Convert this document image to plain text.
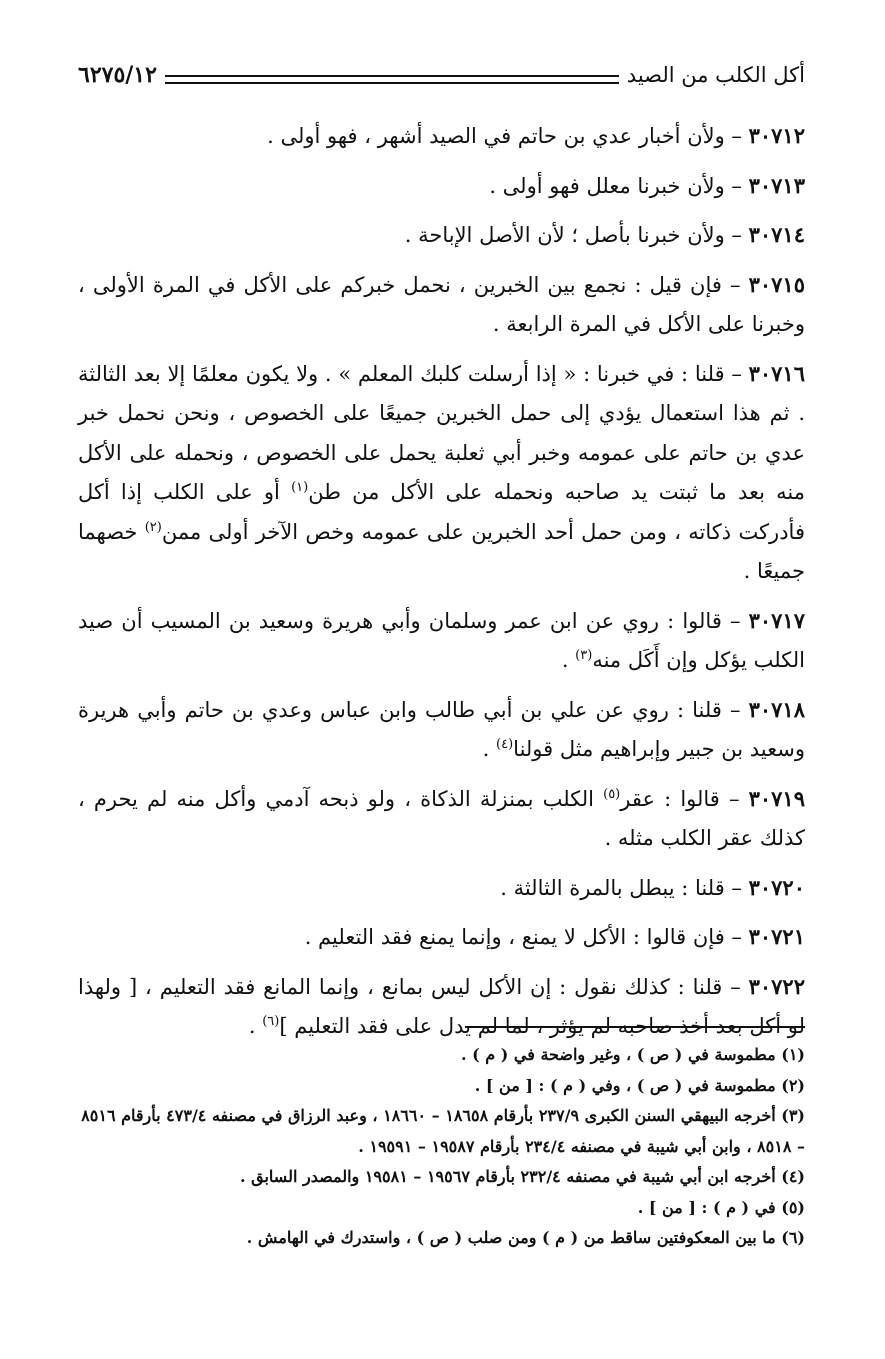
أكل الكلب من الصيد
٦٢٧٥/١٢

٣٠٧١٢ – ولأن أخبار عدي بن حاتم في الصيد أشهر ، فهو أولى .

٣٠٧١٣ – ولأن خبرنا معلل فهو أولى .

٣٠٧١٤ – ولأن خبرنا بأصل ؛ لأن الأصل الإباحة .

٣٠٧١٥ – فإن قيل : نجمع بين الخبرين ، نحمل خبركم على الأكل في المرة الأولى ، وخبرنا على الأكل في المرة الرابعة .

٣٠٧١٦ – قلنا : في خبرنا : « إذا أرسلت كلبك المعلم » . ولا يكون معلمًا إلا بعد الثالثة . ثم هذا استعمال يؤدي إلى حمل الخبرين جميعًا على الخصوص ، ونحن نحمل خبر عدي بن حاتم على عمومه وخبر أبي ثعلبة يحمل على الخصوص ، ونحمله على الأكل منه بعد ما ثبتت يد صاحبه ونحمله على الأكل من طن$^{(١)}$ أو على الكلب إذا أكل فأدركت ذكاته ، ومن حمل أحد الخبرين على عمومه وخص الآخر أولى ممن$^{(٢)}$ خصهما جميعًا .

٣٠٧١٧ – قالوا : روي عن ابن عمر وسلمان وأبي هريرة وسعيد بن المسيب أن صيد الكلب يؤكل وإن أَكَل منه$^{(٣)}$ .

٣٠٧١٨ – قلنا : روي عن علي بن أبي طالب وابن عباس وعدي بن حاتم وأبي هريرة وسعيد بن جبير وإبراهيم مثل قولنا$^{(٤)}$ .

٣٠٧١٩ – قالوا : عقر$^{(٥)}$ الكلب بمنزلة الذكاة ، ولو ذبحه آدمي وأكل منه لم يحرم ، كذلك عقر الكلب مثله .

٣٠٧٢٠ – قلنا : يبطل بالمرة الثالثة .

٣٠٧٢١ – فإن قالوا : الأكل لا يمنع ، وإنما يمنع فقد التعليم .

٣٠٧٢٢ – قلنا : كذلك نقول : إن الأكل ليس بمانع ، وإنما المانع فقد التعليم ، [ ولهذا لو أكل بعد أخذ صاحبه لم يؤثر ، لما لم يدل على فقد التعليم ]$^{(٦)}$ .

(١) مطموسة في ( ص ) ، وغير واضحة في ( م ) .

(٢) مطموسة في ( ص ) ، وفي ( م ) : [ من ] .

(٣) أخرجه البيهقي السنن الكبرى ٢٣٧/٩ بأرقام ١٨٦٥٨ – ١٨٦٦٠ ، وعبد الرزاق في مصنفه ٤٧٣/٤ بأرقام ٨٥١٦ – ٨٥١٨ ، وابن أبي شيبة في مصنفه ٢٣٤/٤ بأرقام ١٩٥٨٧ – ١٩٥٩١ .

(٤) أخرجه ابن أبي شيبة في مصنفه ٢٣٢/٤ بأرقام ١٩٥٦٧ – ١٩٥٨١ والمصدر السابق .

(٥) في ( م ) : [ من ] .

(٦) ما بين المعكوفتين ساقط من ( م ) ومن صلب ( ص ) ، واستدرك في الهامش .
